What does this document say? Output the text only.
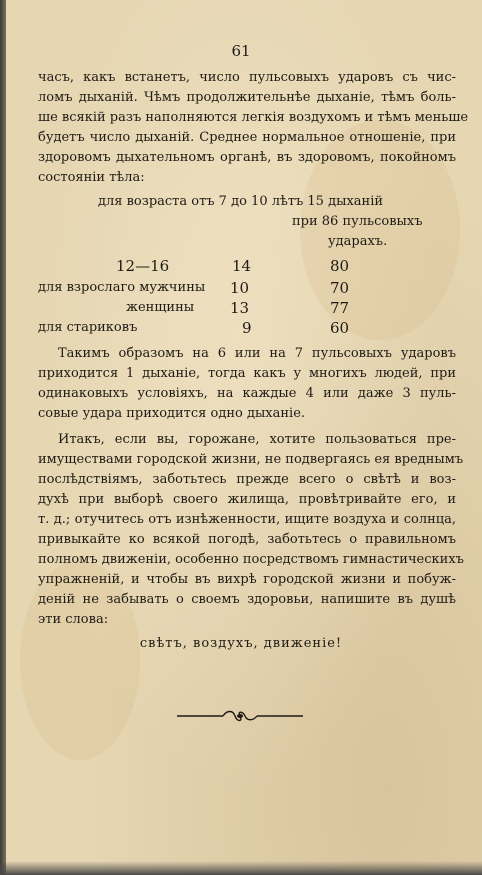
61
часъ, какъ встанетъ, число пульсовыхъ ударовъ съ чис-
ломъ дыханій. Чѣмъ продолжительнѣе дыханіе, тѣмъ боль-
ше всякій разъ наполняются легкія воздухомъ и тѣмъ меньше
будетъ число дыханій. Среднее нормальное отношеніе, при
здоровомъ дыхательномъ органѣ, въ здоровомъ, покойномъ
состояніи тѣла:
для возраста отъ 7 до 10 лѣтъ 15 дыханій
при 86 пульсовыхъ
ударахъ.
12—16	14	80
для взрослаго мужчины 10	70
женщины 13	77
для стариковъ	9	60
Такимъ образомъ на 6 или на 7 пульсовыхъ ударовъ
приходится 1 дыханіе, тогда какъ у многихъ людей, при
одинаковыхъ условіяхъ, на каждые 4 или даже 3 пуль-
совые удара приходится одно дыханіе.
Итакъ, если вы, горожане, хотите пользоваться пре-
имуществами городской жизни, не подвергаясь ея вреднымъ
послѣдствіямъ, заботьтесь прежде всего о свѣтѣ и воз-
духѣ при выборѣ своего жилища, провѣтривайте его, и
т. д.; отучитесь отъ изнѣженности, ищите воздуха и солнца,
привыкайте ко всякой погодѣ, заботьтесь о правильномъ
полномъ движеніи, особенно посредствомъ гимнастическихъ
упражненій, и чтобы въ вихрѣ городской жизни и побуж-
деній не забывать о своемъ здоровьи, напишите въ душѣ
эти слова:
свѣтъ, воздухъ, движеніе!
